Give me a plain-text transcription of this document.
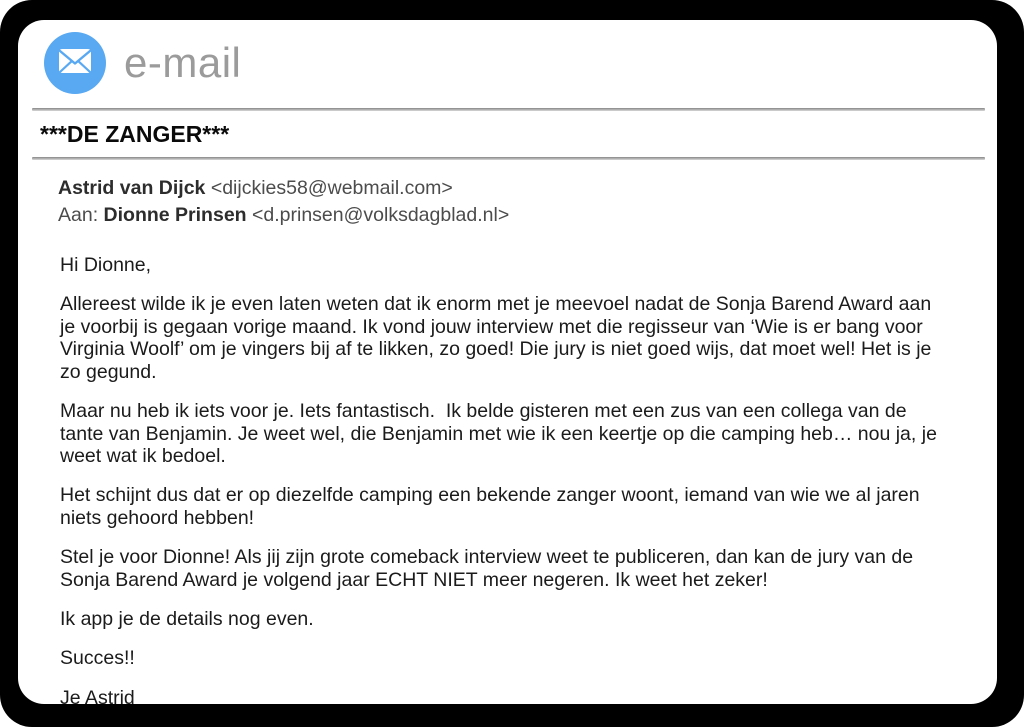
e-mail
***DE ZANGER***
Astrid van Dijck <dijckies58@webmail.com>
Aan: Dionne Prinsen <d.prinsen@volksdagblad.nl>

Hi Dionne,

Allereest wilde ik je even laten weten dat ik enorm met je meevoel nadat de Sonja Barend Award aan je voorbij is gegaan vorige maand. Ik vond jouw interview met die regisseur van ‘Wie is er bang voor Virginia Woolf’ om je vingers bij af te likken, zo goed! Die jury is niet goed wijs, dat moet wel! Het is je zo gegund.

Maar nu heb ik iets voor je. Iets fantastisch.  Ik belde gisteren met een zus van een collega van de tante van Benjamin. Je weet wel, die Benjamin met wie ik een keertje op die camping heb… nou ja, je weet wat ik bedoel.

Het schijnt dus dat er op diezelfde camping een bekende zanger woont, iemand van wie we al jaren niets gehoord hebben!

Stel je voor Dionne! Als jij zijn grote comeback interview weet te publiceren, dan kan de jury van de Sonja Barend Award je volgend jaar ECHT NIET meer negeren. Ik weet het zeker!

Ik app je de details nog even.

Succes!!

Je Astrid
